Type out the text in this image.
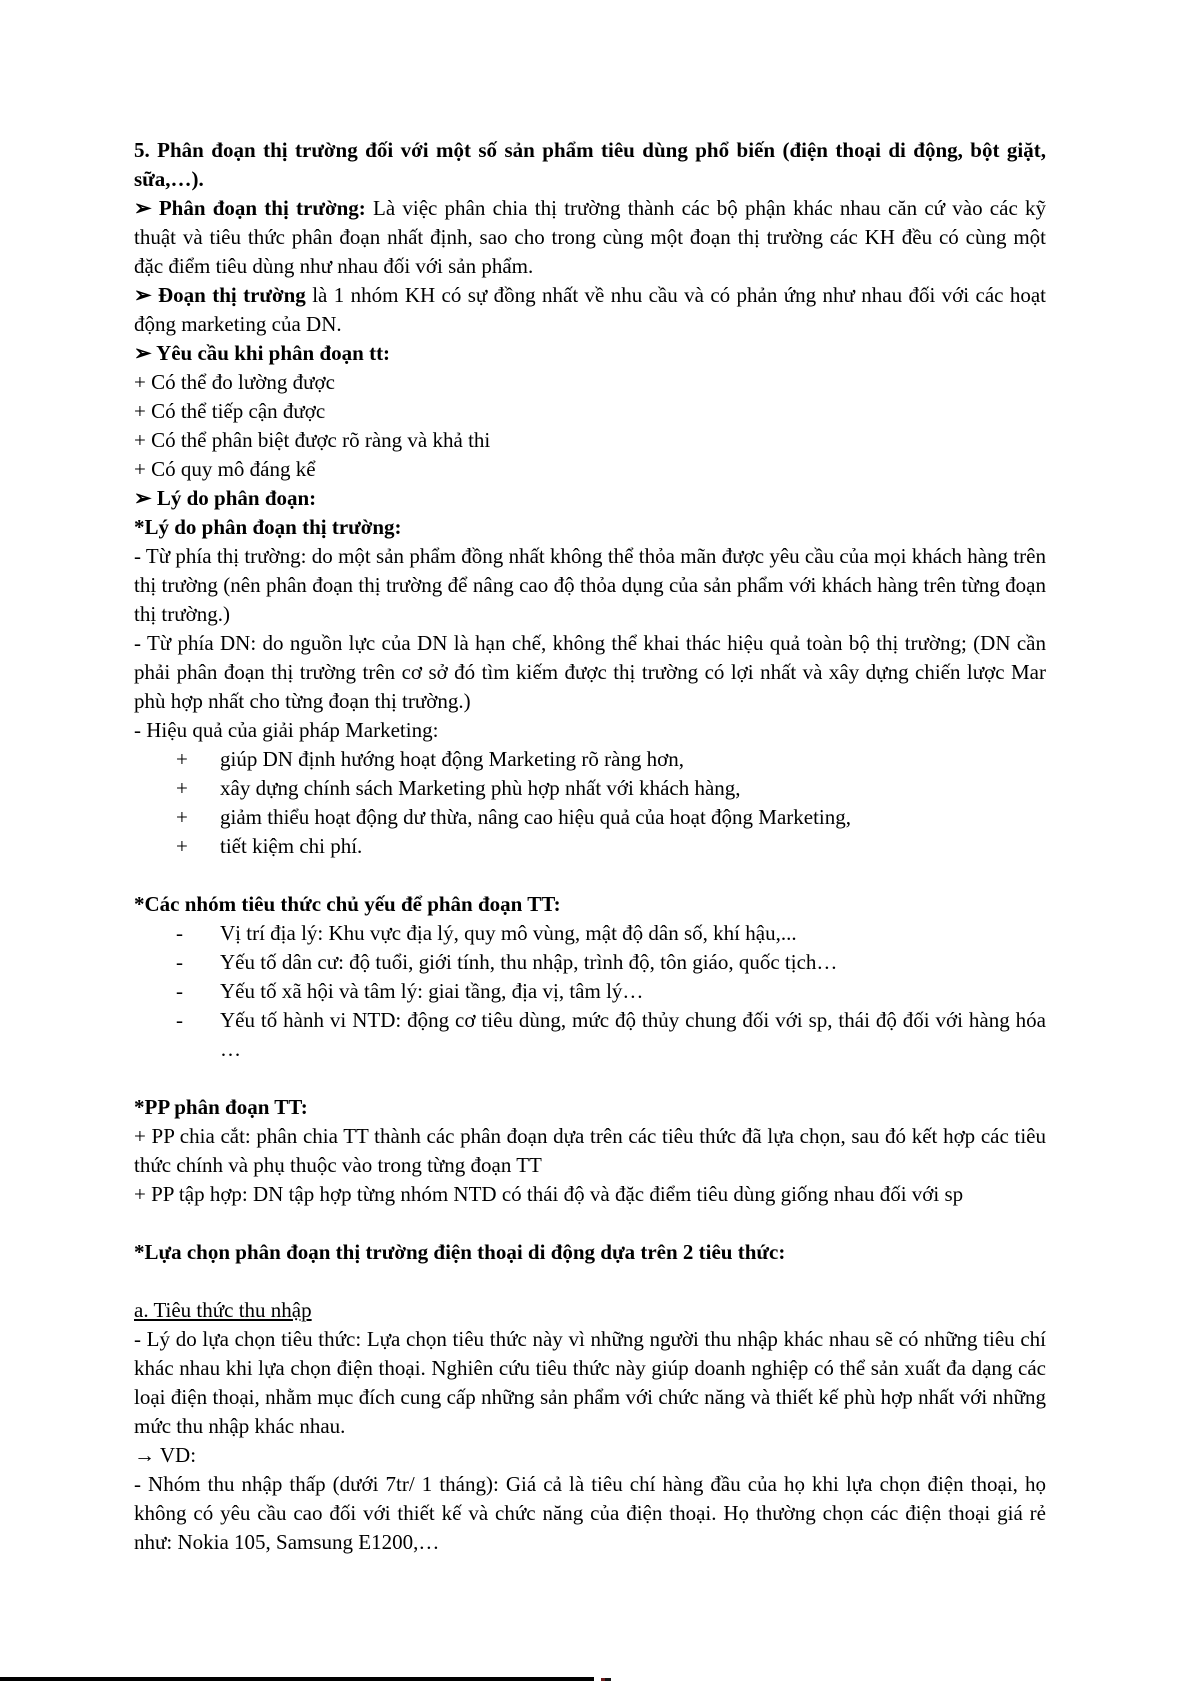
5. Phân đoạn thị trường đối với một số sản phẩm tiêu dùng phổ biến (điện thoại di động, bột giặt, sữa,…).

➢ Phân đoạn thị trường: Là việc phân chia thị trường thành các bộ phận khác nhau căn cứ vào các kỹ thuật và tiêu thức phân đoạn nhất định, sao cho trong cùng một đoạn thị trường các KH đều có cùng một đặc điểm tiêu dùng như nhau đối với sản phẩm.

➢ Đoạn thị trường là 1 nhóm KH có sự đồng nhất về nhu cầu và có phản ứng như nhau đối với các hoạt động marketing của DN.

➢ Yêu cầu khi phân đoạn tt:

+ Có thể đo lường được

+ Có thể tiếp cận được

+ Có thể phân biệt được rõ ràng và khả thi

+ Có quy mô đáng kể

➢ Lý do phân đoạn:

*Lý do phân đoạn thị trường:

- Từ phía thị trường: do một sản phẩm đồng nhất không thể thỏa mãn được yêu cầu của mọi khách hàng trên thị trường (nên phân đoạn thị trường để nâng cao độ thỏa dụng của sản phẩm với khách hàng trên từng đoạn thị trường.)

- Từ phía DN: do nguồn lực của DN là hạn chế, không thể khai thác hiệu quả toàn bộ thị trường; (DN cần phải phân đoạn thị trường trên cơ sở đó tìm kiếm được thị trường có lợi nhất và xây dựng chiến lược Mar phù hợp nhất cho từng đoạn thị trường.)

- Hiệu quả của giải pháp Marketing:

+ giúp DN định hướng hoạt động Marketing rõ ràng hơn,
+ xây dựng chính sách Marketing phù hợp nhất với khách hàng,
+ giảm thiểu hoạt động dư thừa, nâng cao hiệu quả của hoạt động Marketing,
+ tiết kiệm chi phí.

*Các nhóm tiêu thức chủ yếu để phân đoạn TT:

- Vị trí địa lý: Khu vực địa lý, quy mô vùng, mật độ dân số, khí hậu,...
- Yếu tố dân cư: độ tuổi, giới tính, thu nhập, trình độ, tôn giáo, quốc tịch…
- Yếu tố xã hội và tâm lý: giai tầng, địa vị, tâm lý…
- Yếu tố hành vi NTD: động cơ tiêu dùng, mức độ thủy chung đối với sp, thái độ đối với hàng hóa …

*PP phân đoạn TT:

+ PP chia cắt: phân chia TT thành các phân đoạn dựa trên các tiêu thức đã lựa chọn, sau đó kết hợp các tiêu thức chính và phụ thuộc vào trong từng đoạn TT

+ PP tập hợp: DN tập hợp từng nhóm NTD có thái độ và đặc điểm tiêu dùng giống nhau đối với sp

*Lựa chọn phân đoạn thị trường điện thoại di động dựa trên 2 tiêu thức:

a. Tiêu thức thu nhập

- Lý do lựa chọn tiêu thức: Lựa chọn tiêu thức này vì những người thu nhập khác nhau sẽ có những tiêu chí khác nhau khi lựa chọn điện thoại. Nghiên cứu tiêu thức này giúp doanh nghiệp có thể sản xuất đa dạng các loại điện thoại, nhằm mục đích cung cấp những sản phẩm với chức năng và thiết kế phù hợp nhất với những mức thu nhập khác nhau.

→ VD:

- Nhóm thu nhập thấp (dưới 7tr/ 1 tháng): Giá cả là tiêu chí hàng đầu của họ khi lựa chọn điện thoại, họ không có yêu cầu cao đối với thiết kế và chức năng của điện thoại. Họ thường chọn các điện thoại giá rẻ như: Nokia 105, Samsung E1200,…
